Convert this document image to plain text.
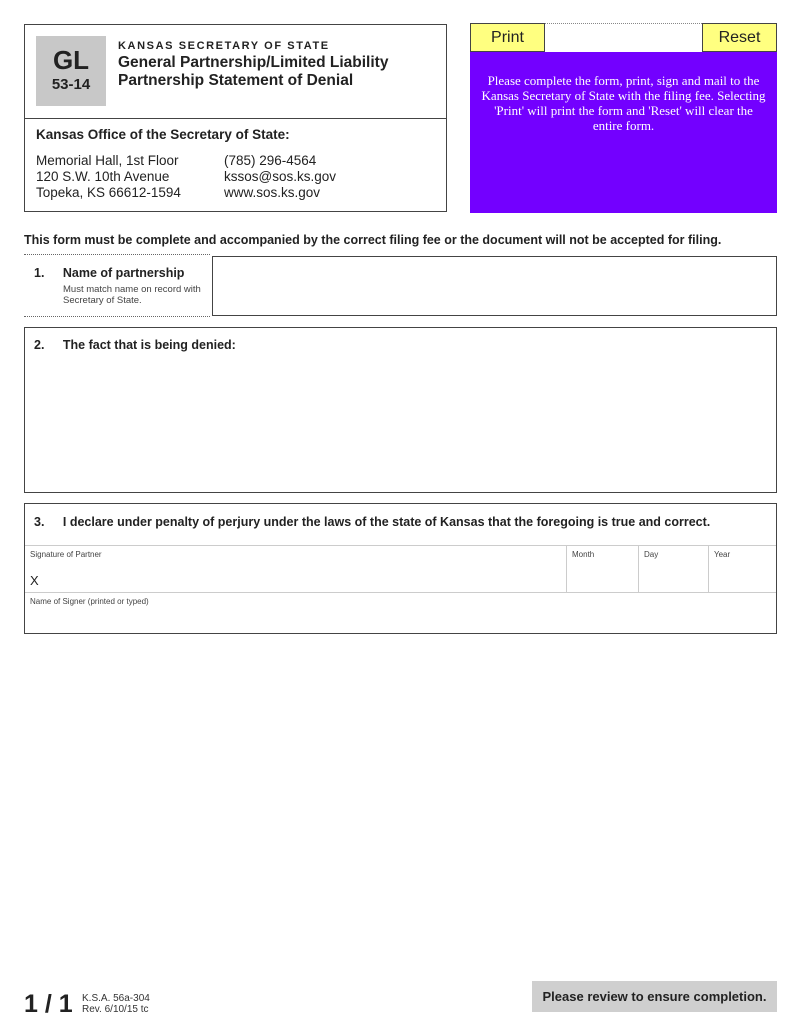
GL
53-14
KANSAS SECRETARY OF STATE
General Partnership/Limited Liability
Partnership Statement of Denial
Kansas Office of the Secretary of State:
Memorial Hall, 1st Floor
120 S.W. 10th Avenue
Topeka, KS 66612-1594
(785) 296-4564
kssos@sos.ks.gov
www.sos.ks.gov
Print	Reset
Please complete the form, print, sign and mail to the Kansas Secretary of State with the filing fee. Selecting 'Print' will print the form and 'Reset' will clear the entire form.
This form must be complete and accompanied by the correct filing fee or the document will not be accepted for filing.
1. Name of partnership
Must match name on record with Secretary of State.
2. The fact that is being denied:
3. I declare under penalty of perjury under the laws of the state of Kansas that the foregoing is true and correct.
Signature of Partner
X
Month	Day	Year
Name of Signer (printed or typed)
1 / 1 K.S.A. 56a-304
Rev. 6/10/15 tc
Please review to ensure completion.
